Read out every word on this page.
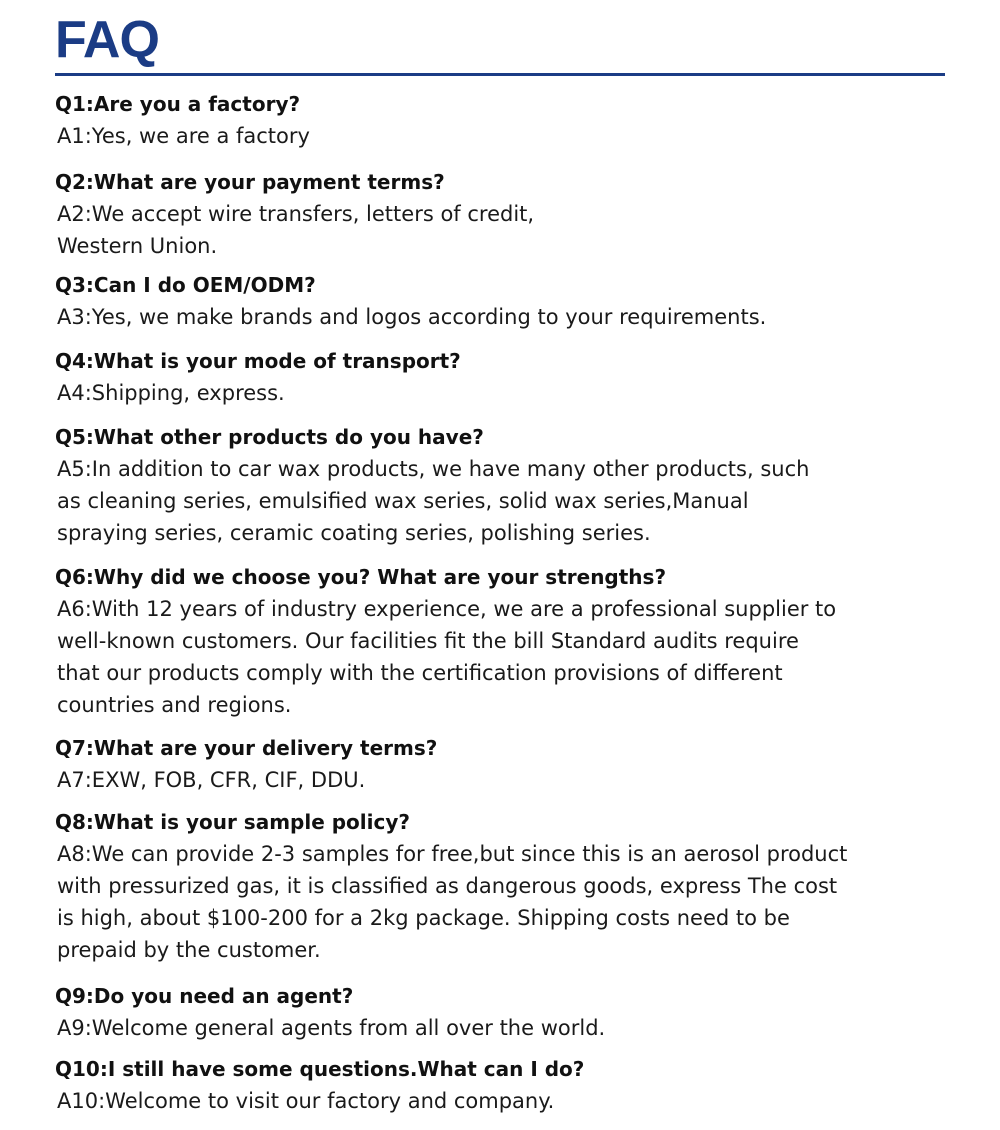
FAQ
Q1:Are you a factory?
A1:Yes, we are a factory
Q2:What are your payment terms?
A2:We accept wire transfers, letters of credit,
Western Union.
Q3:Can I do OEM/ODM?
A3:Yes, we make brands and logos according to your requirements.
Q4:What is your mode of transport?
A4:Shipping, express.
Q5:What other products do you have?
A5:In addition to car wax products, we have many other products, such
as cleaning series, emulsified wax series, solid wax series,Manual
spraying series, ceramic coating series, polishing series.
Q6:Why did we choose you? What are your strengths?
A6:With 12 years of industry experience, we are a professional supplier to
well-known customers. Our facilities fit the bill Standard audits require
that our products comply with the certification provisions of different
countries and regions.
Q7:What are your delivery terms?
A7:EXW, FOB, CFR, CIF, DDU.
Q8:What is your sample policy?
A8:We can provide 2-3 samples for free,but since this is an aerosol product
with pressurized gas, it is classified as dangerous goods, express The cost
is high, about $100-200 for a 2kg package. Shipping costs need to be
prepaid by the customer.
Q9:Do you need an agent?
A9:Welcome general agents from all over the world.
Q10:I still have some questions.What can I do?
A10:Welcome to visit our factory and company.
